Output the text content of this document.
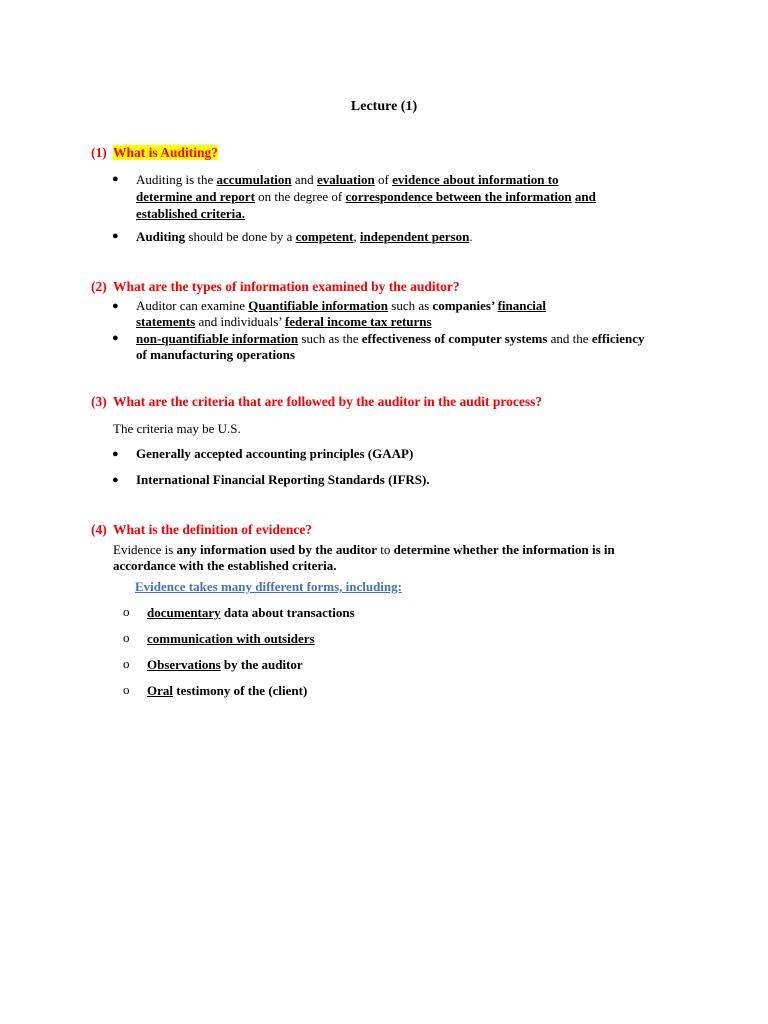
Lecture (1)
(1) What is Auditing?
●	Auditing is the accumulation and evaluation of evidence about information to
determine and report on the degree of correspondence between the information and
established criteria.
●	Auditing should be done by a competent, independent person.
(2) What are the types of information examined by the auditor?
●	Auditor can examine Quantifiable information such as companies’ financial
statements and individuals’ federal income tax returns
●	non-quantifiable information such as the effectiveness of computer systems and the efficiency
of manufacturing operations
(3) What are the criteria that are followed by the auditor in the audit process?
The criteria may be U.S.
●	Generally accepted accounting principles (GAAP)
●	International Financial Reporting Standards (IFRS).
(4) What is the definition of evidence?
Evidence is any information used by the auditor to determine whether the information is in
accordance with the established criteria.
Evidence takes many different forms, including:
o documentary data about transactions
o communication with outsiders
o Observations by the auditor
o Oral testimony of the (client)
